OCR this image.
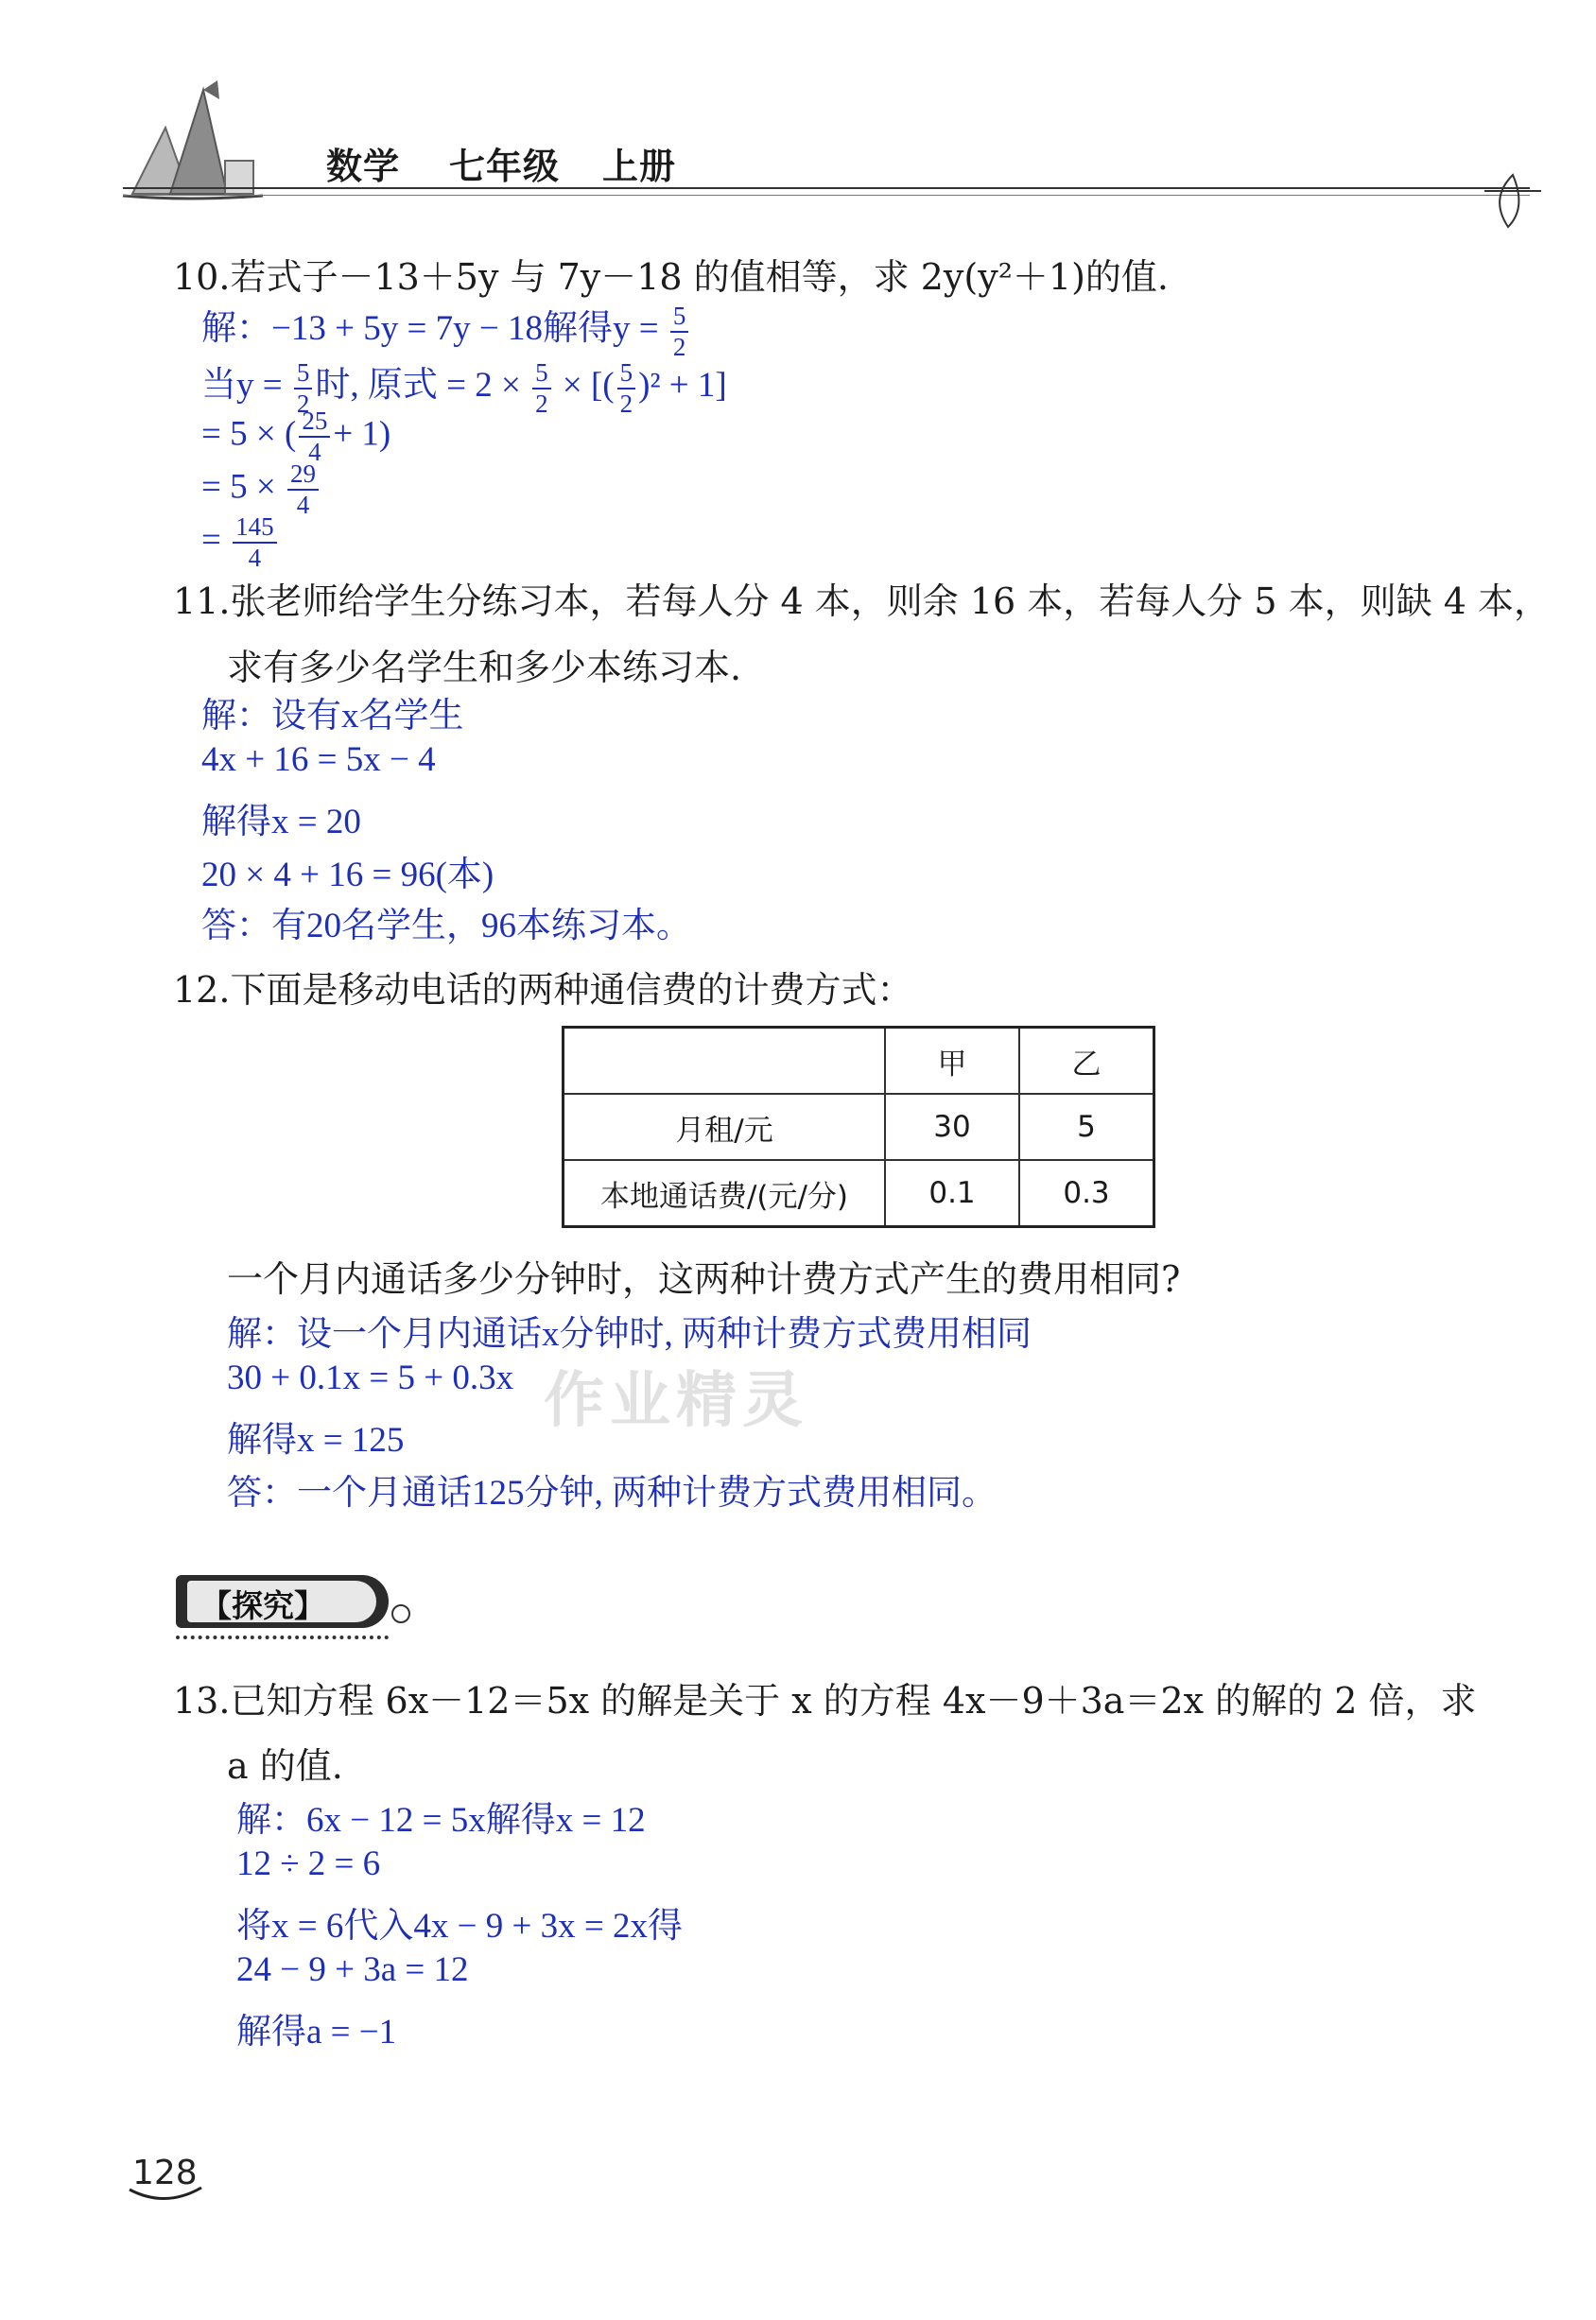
数学 七年级 上册
10.若式子－13＋5y 与 7y－18 的值相等，求 2y(y²＋1)的值.
解：−13 + 5y = 7y − 18解得$y = \frac{5}{2}$
当$y = \frac{5}{2}$ 时, 原式 = $2 \times \frac{5}{2}$ × [( $\frac{5}{2} )^2 + 1$]
= 5 × ( $\frac{25}{4} + 1$)
= $5 \times \frac{29}{4}$
= $\frac{145}{4}$
11.张老师给学生分练习本，若每人分 4 本，则余 16 本，若每人分 5 本，则缺 4 本，
求有多少名学生和多少本练习本.
解：设有x名学生
4x + 16 = 5x − 4
解得x = 20
20 × 4 + 16 = 96(本)
答：有20名学生，96本练习本。
12.下面是移动电话的两种通信费的计费方式：
	甲	乙
月租/元	30	5
本地通话费/(元/分)	0.1	0.3
一个月内通话多少分钟时，这两种计费方式产生的费用相同?
解：设一个月内通话x分钟时, 两种计费方式费用相同
30 + 0.1x = 5 + 0.3x
解得x = 125
答：一个月通话125分钟, 两种计费方式费用相同。
作业精灵
【探究】
13.已知方程 6x－12＝5x 的解是关于 x 的方程 4x－9＋3a＝2x 的解的 2 倍，求
a 的值.
解：6x − 12 = 5x解得x = 12
12 ÷ 2 = 6
将x = 6代入4x − 9 + 3x = 2x得
24 − 9 + 3a = 12
解得a = −1
128
